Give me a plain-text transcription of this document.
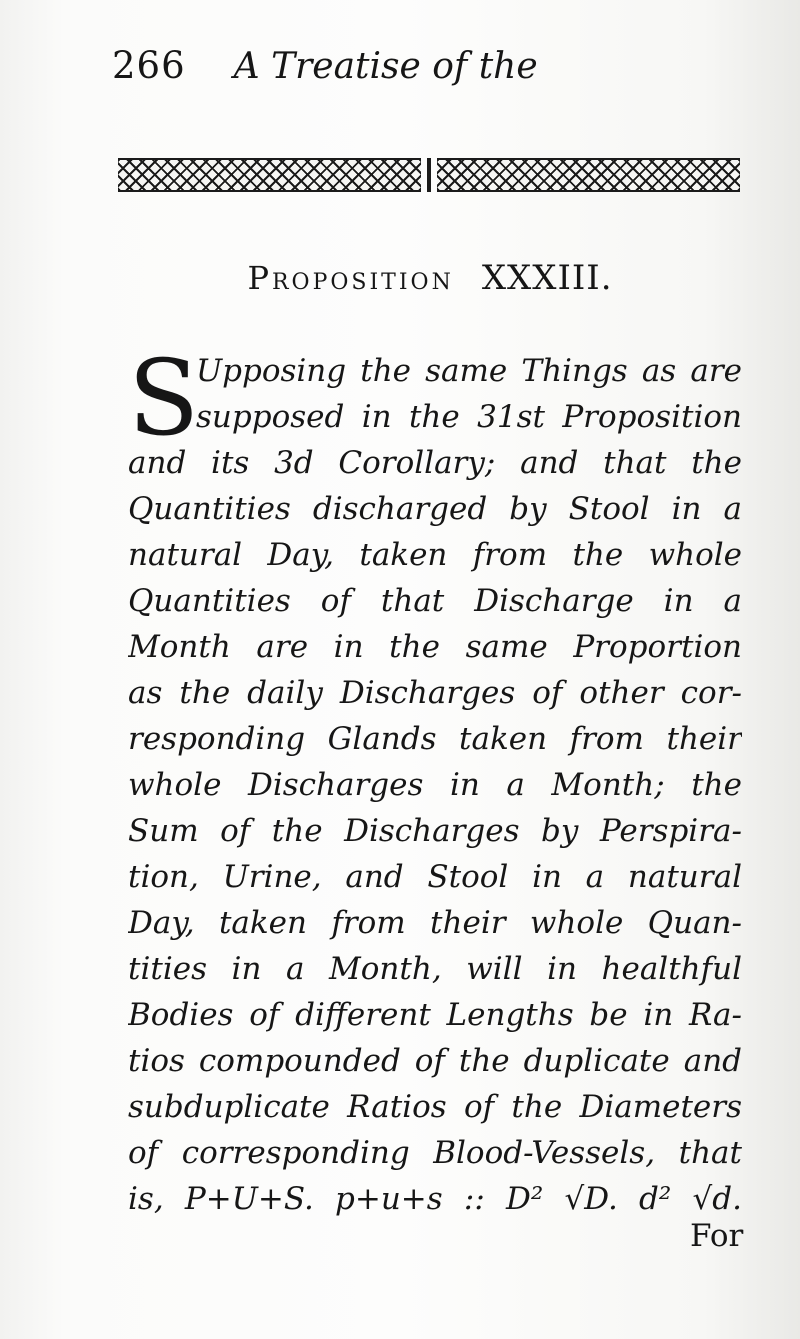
266 A Treatise of the
Proposition XXXIII.
S
Upposing the same Things as are
supposed in the 31st Proposition
and its 3d Corollary; and that the
Quantities discharged by Stool in a
natural Day, taken from the whole
Quantities of that Discharge in a
Month are in the same Proportion
as the daily Discharges of other cor-
responding Glands taken from their
whole Discharges in a Month; the
Sum of the Discharges by Perspira-
tion, Urine, and Stool in a natural
Day, taken from their whole Quan-
tities in a Month, will in healthful
Bodies of different Lengths be in Ra-
tios compounded of the duplicate and
subduplicate Ratios of the Diameters
of corresponding Blood-Vessels, that
is, P+U+S. p+u+s :: D² √D. d² √d.
For
